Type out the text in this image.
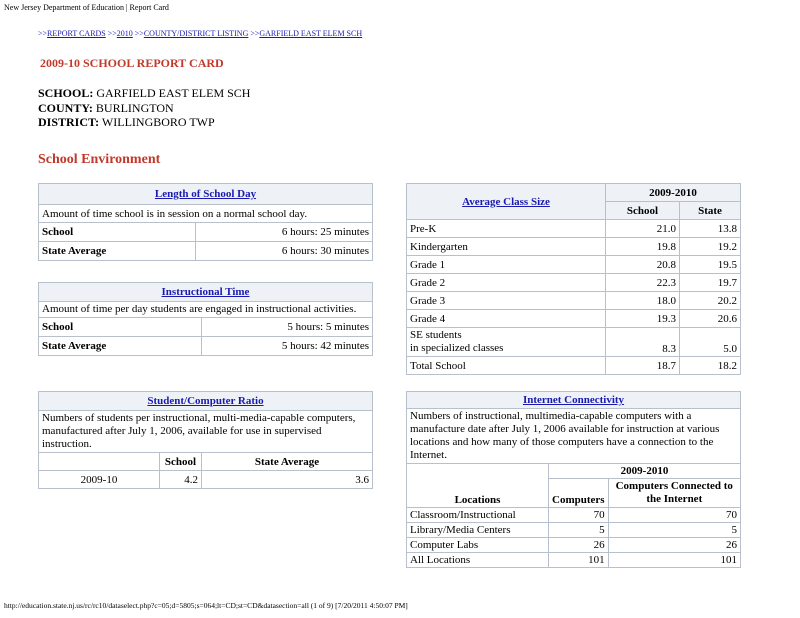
New Jersey Department of Education | Report Card
>>REPORT CARDS >>2010 >>COUNTY/DISTRICT LISTING >>GARFIELD EAST ELEM SCH
2009-10 SCHOOL REPORT CARD
SCHOOL: GARFIELD EAST ELEM SCH
COUNTY: BURLINGTON
DISTRICT: WILLINGBORO TWP
School Environment
Length of School Day	
Amount of time school is in session on a normal school day.	
School	6 hours: 25 minutes
State Average	6 hours: 30 minutes
Instructional Time	
Amount of time per day students are engaged in instructional activities.	
School	5 hours: 5 minutes
State Average	5 hours: 42 minutes
Student/Computer Ratio		
Numbers of students per instructional, multi-media-capable computers, manufactured after July 1, 2006, available for use in supervised instruction.		
	School	State Average
2009-10	4.2	3.6
Average Class Size	2009-2010	
	School	State
Pre-K	21.0	13.8
Kindergarten	19.8	19.2
Grade 1	20.8	19.5
Grade 2	22.3	19.7
Grade 3	18.0	20.2
Grade 4	19.3	20.6
SE students
in specialized classes	8.3	5.0
Total School	18.7	18.2
Internet Connectivity		
Numbers of instructional, multimedia-capable computers with a manufacture date after July 1, 2006 available for instruction at various locations and how many of those computers have a connection to the Internet.		
Locations	2009-2010	
	Computers	Computers Connected to the Internet
Classroom/Instructional	70	70
Library/Media Centers	5	5
Computer Labs	26	26
All Locations	101	101
http://education.state.nj.us/rc/rc10/dataselect.php?c=05;d=5805;s=064;lt=CD;st=CD&datasection=all (1 of 9) [7/20/2011 4:50:07 PM]
